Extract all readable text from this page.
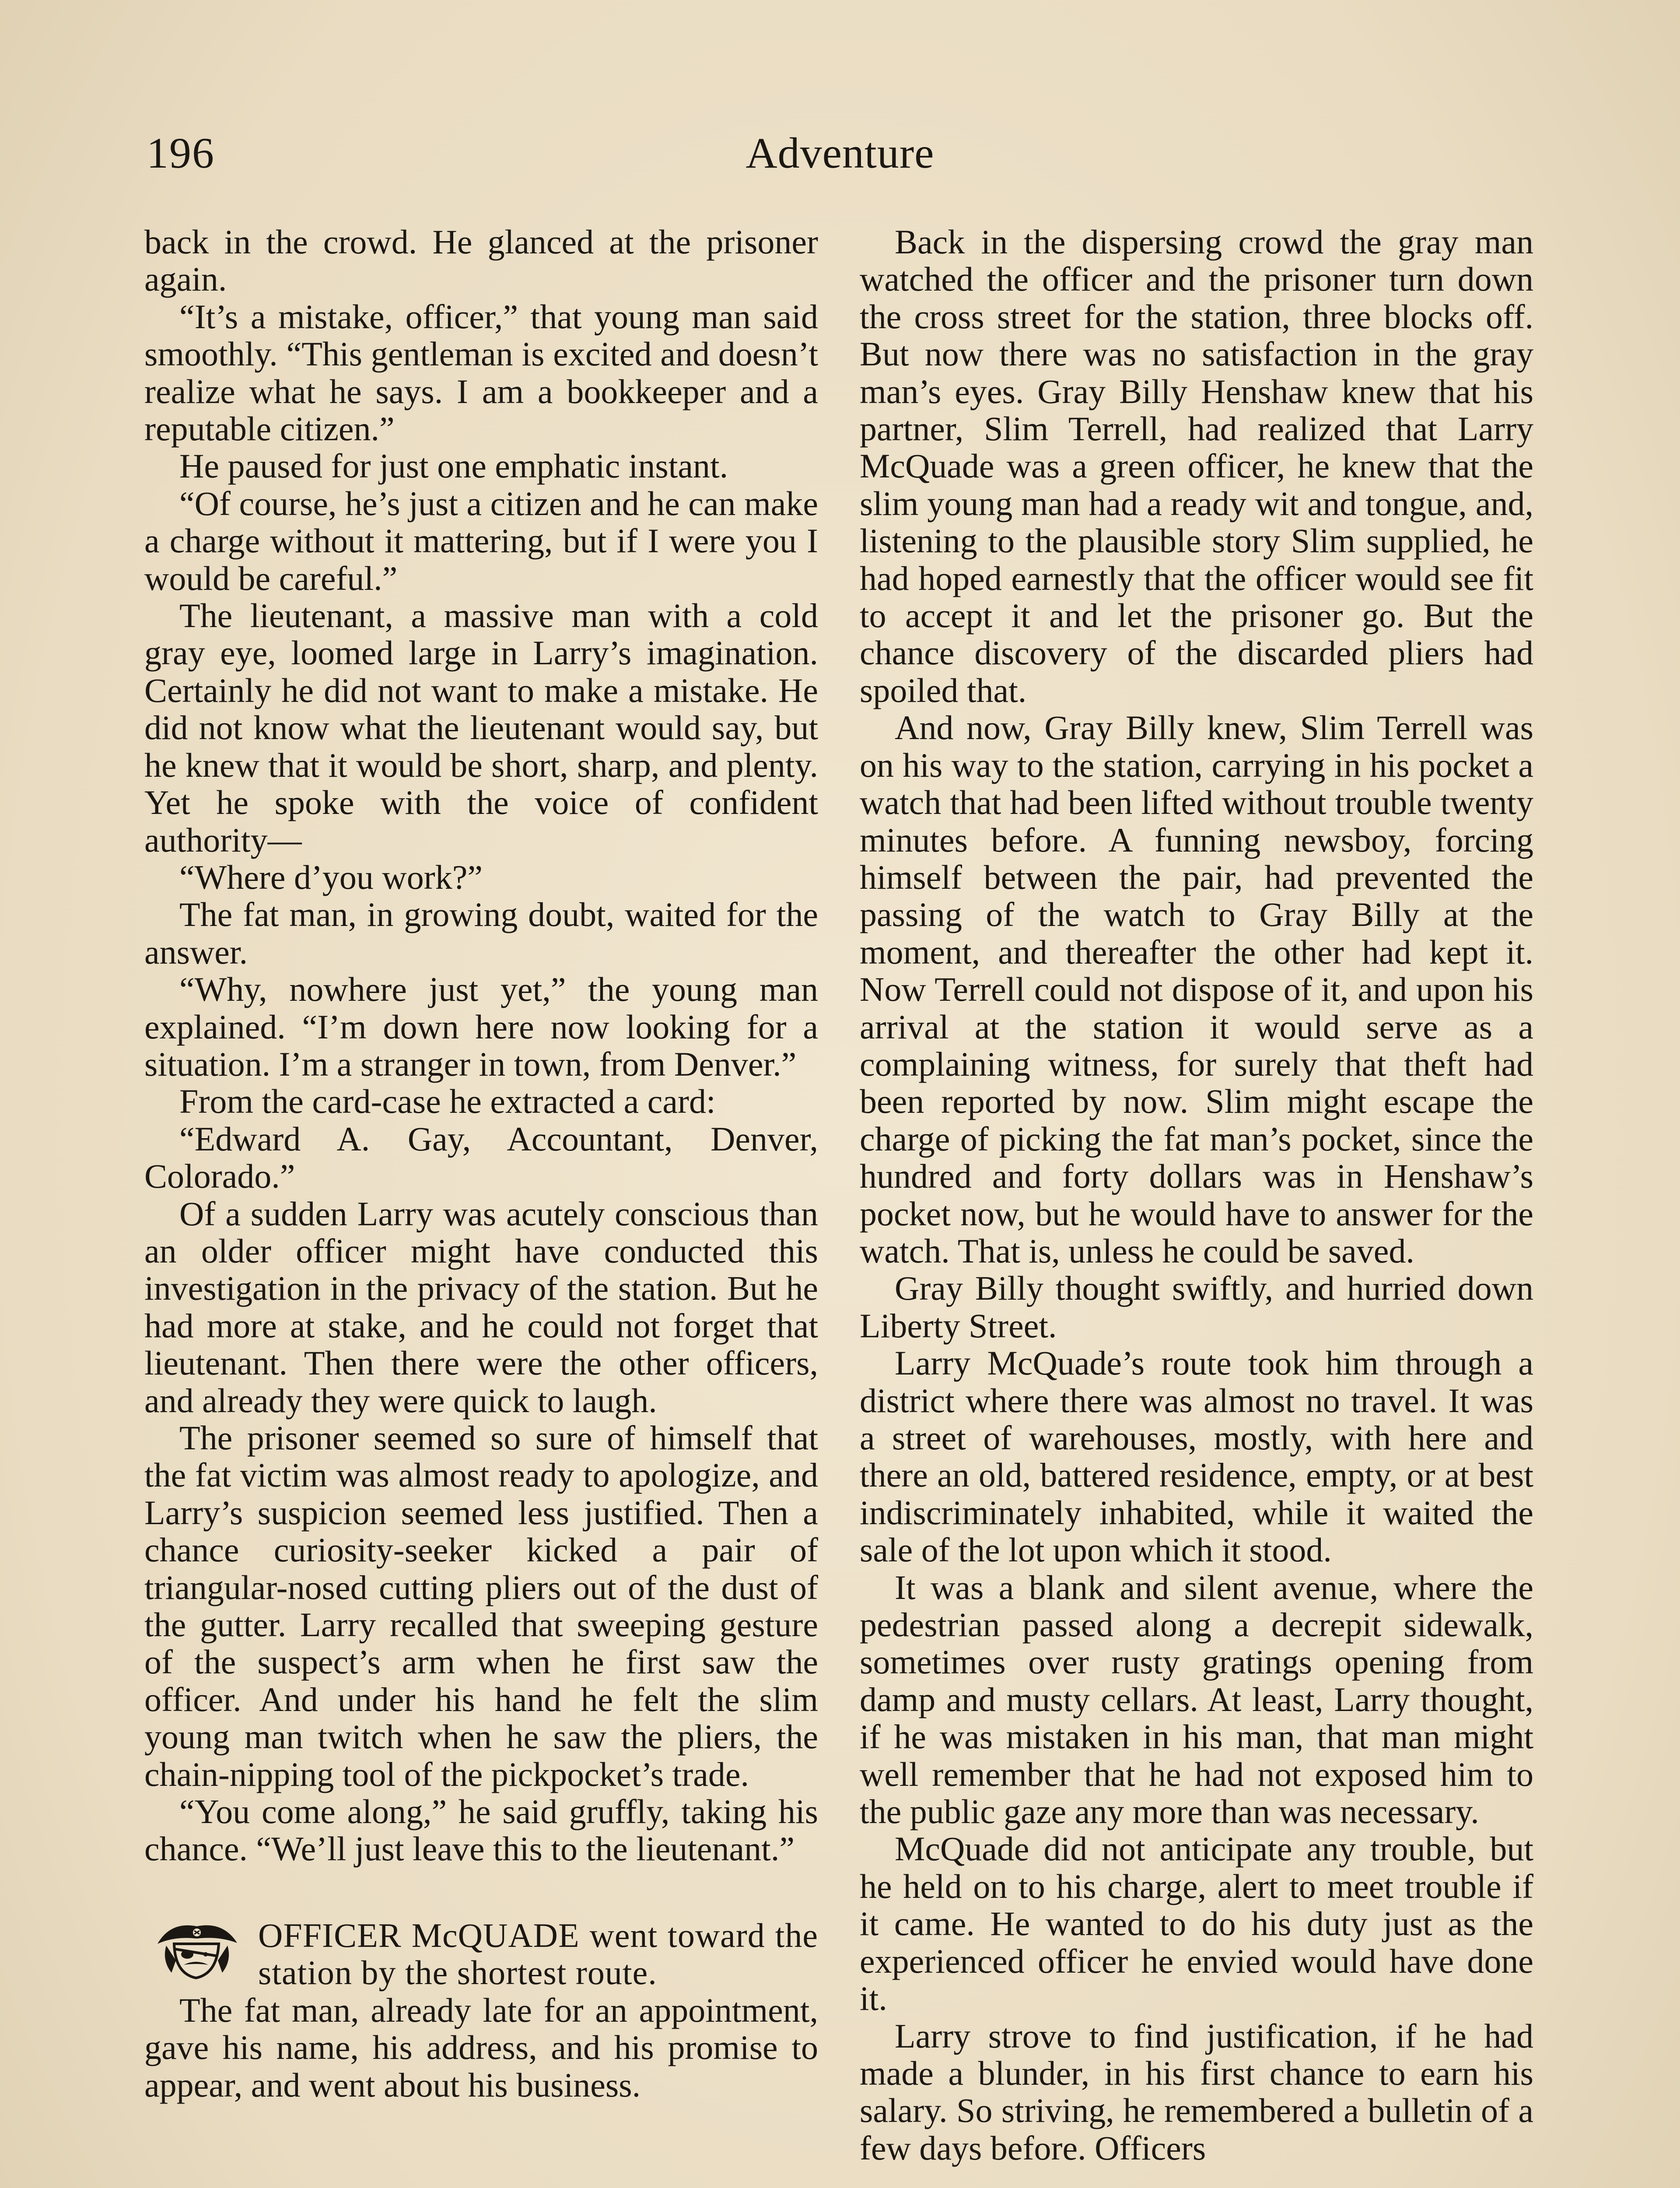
196	Adventure

back in the crowd. He glanced at the prisoner again.

“It’s a mistake, officer,” that young man said smoothly. “This gentleman is excited and doesn’t realize what he says. I am a bookkeeper and a reputable citizen.”

He paused for just one emphatic instant.

“Of course, he’s just a citizen and he can make a charge without it mattering, but if I were you I would be careful.”

The lieutenant, a massive man with a cold gray eye, loomed large in Larry’s imagination. Certainly he did not want to make a mistake. He did not know what the lieutenant would say, but he knew that it would be short, sharp, and plenty. Yet he spoke with the voice of confident authority—

“Where d’you work?”

The fat man, in growing doubt, waited for the answer.

“Why, nowhere just yet,” the young man explained. “I’m down here now looking for a situation. I’m a stranger in town, from Denver.”

From the card-case he extracted a card:

“Edward A. Gay, Accountant, Denver, Colorado.”

Of a sudden Larry was acutely conscious than an older officer might have conducted this investigation in the privacy of the station. But he had more at stake, and he could not forget that lieutenant. Then there were the other officers, and already they were quick to laugh.

The prisoner seemed so sure of himself that the fat victim was almost ready to apologize, and Larry’s suspicion seemed less justified. Then a chance curiosity-seeker kicked a pair of triangular-nosed cutting pliers out of the dust of the gutter. Larry recalled that sweeping gesture of the suspect’s arm when he first saw the officer. And under his hand he felt the slim young man twitch when he saw the pliers, the chain-nipping tool of the pickpocket’s trade.

“You come along,” he said gruffly, taking his chance. “We’ll just leave this to the lieutenant.”

OFFICER McQUADE went toward the station by the shortest route.

The fat man, already late for an appointment, gave his name, his address, and his promise to appear, and went about his business.

Back in the dispersing crowd the gray man watched the officer and the prisoner turn down the cross street for the station, three blocks off. But now there was no satisfaction in the gray man’s eyes. Gray Billy Henshaw knew that his partner, Slim Terrell, had realized that Larry McQuade was a green officer, he knew that the slim young man had a ready wit and tongue, and, listening to the plausible story Slim supplied, he had hoped earnestly that the officer would see fit to accept it and let the prisoner go. But the chance discovery of the discarded pliers had spoiled that.

And now, Gray Billy knew, Slim Terrell was on his way to the station, carrying in his pocket a watch that had been lifted without trouble twenty minutes before. A funning newsboy, forcing himself between the pair, had prevented the passing of the watch to Gray Billy at the moment, and thereafter the other had kept it. Now Terrell could not dispose of it, and upon his arrival at the station it would serve as a complaining witness, for surely that theft had been reported by now. Slim might escape the charge of picking the fat man’s pocket, since the hundred and forty dollars was in Henshaw’s pocket now, but he would have to answer for the watch. That is, unless he could be saved.

Gray Billy thought swiftly, and hurried down Liberty Street.

Larry McQuade’s route took him through a district where there was almost no travel. It was a street of warehouses, mostly, with here and there an old, battered residence, empty, or at best indiscriminately inhabited, while it waited the sale of the lot upon which it stood.

It was a blank and silent avenue, where the pedestrian passed along a decrepit sidewalk, sometimes over rusty gratings opening from damp and musty cellars. At least, Larry thought, if he was mistaken in his man, that man might well remember that he had not exposed him to the public gaze any more than was necessary.

McQuade did not anticipate any trouble, but he held on to his charge, alert to meet trouble if it came. He wanted to do his duty just as the experienced officer he envied would have done it.

Larry strove to find justification, if he had made a blunder, in his first chance to earn his salary. So striving, he remembered a bulletin of a few days before. Officers
